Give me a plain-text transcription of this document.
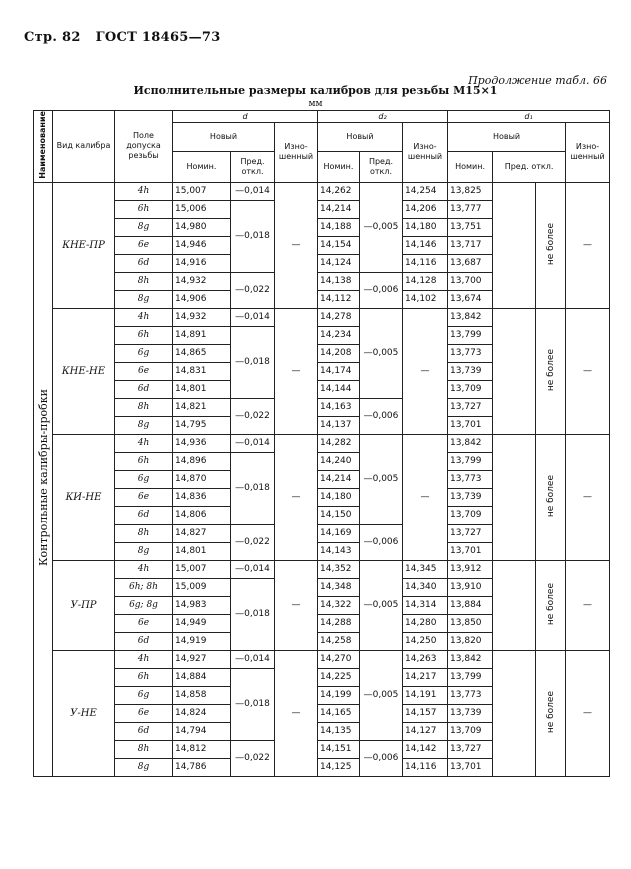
Стр. 82 ГОСТ 18465—73
Продолжение табл. 66
Исполнительные размеры калибров для резьбы М15×1
мм
Наименование	Вид калибра	Поле допуска резьбы	d			d₂			d₁			
			Новый		Изно-шенный	Новый		Изно-шенный	Новый			Изно-шенный
			Номин.	Пред. откл.		Номин.	Пред. откл.		Номин.	Пред. откл.		
Контрольные калибры-пробки	КНЕ-ПР	4h	15,007	—0,014	—	14,262	—0,005	14,254	13,825		не более	—
		6h	15,006	—0,018		14,214		14,206	13,777			
		8g	14,980			14,188		14,180	13,751			
		6e	14,946			14,154		14,146	13,717			
		6d	14,916			14,124		14,116	13,687			
		8h	14,932	—0,022		14,138	—0,006	14,128	13,700			
		8g	14,906			14,112		14,102	13,674			
	КНЕ-НЕ	4h	14,932	—0,014	—	14,278	—0,005	—	13,842		не более	—
		6h	14,891	—0,018		14,234			13,799			
		6g	14,865			14,208			13,773			
		6e	14,831			14,174			13,739			
		6d	14,801			14,144			13,709			
		8h	14,821	—0,022		14,163	—0,006		13,727			
		8g	14,795			14,137			13,701			
	КИ-НЕ	4h	14,936	—0,014	—	14,282	—0,005	—	13,842		не более	—
		6h	14,896	—0,018		14,240			13,799			
		6g	14,870			14,214			13,773			
		6e	14,836			14,180			13,739			
		6d	14,806			14,150			13,709			
		8h	14,827	—0,022		14,169	—0,006		13,727			
		8g	14,801			14,143			13,701			
	У-ПР	4h	15,007	—0,014	—	14,352	—0,005	14,345	13,912		не более	—
		6h; 8h	15,009	—0,018		14,348		14,340	13,910			
		6g; 8g	14,983			14,322		14,314	13,884			
		6e	14,949			14,288		14,280	13,850			
		6d	14,919			14,258		14,250	13,820			
	У-НЕ	4h	14,927	—0,014	—	14,270	—0,005	14,263	13,842		не более	—
		6h	14,884	—0,018		14,225		14,217	13,799			
		6g	14,858			14,199		14,191	13,773			
		6e	14,824			14,165		14,157	13,739			
		6d	14,794			14,135		14,127	13,709			
		8h	14,812	—0,022		14,151	—0,006	14,142	13,727			
		8g	14,786			14,125		14,116	13,701			
